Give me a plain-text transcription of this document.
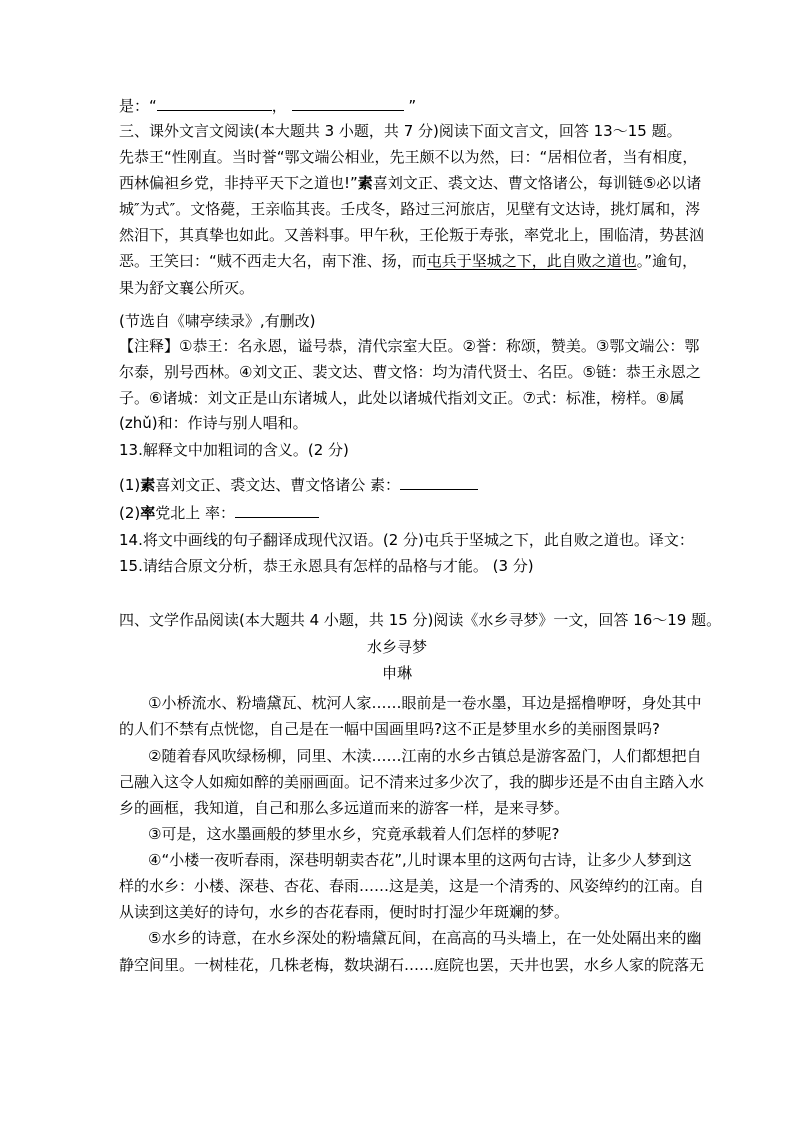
是：“	，	”
三、课外文言文阅读(本大题共 3 小题，共 7 分)阅读下面文言文，回答 13～15 题。
先恭王“性刚直。当时誉“鄂文端公相业，先王颇不以为然，曰：“居相位者，当有相度，
西林偏袒乡党，非持平天下之道也!”素喜刘文正、裘文达、曹文恪诸公，每训链⑤必以诸
城″为式″。文恪薨，王亲临其丧。壬戌冬，路过三河旅店，见壁有文达诗，挑灯属和，涔
然泪下，其真挚也如此。又善料事。甲午秋，王伦叛于寿张，率党北上，围临清，势甚汹
恶。王笑曰：“贼不西走大名，南下淮、扬，而屯兵于坚城之下，此自败之道也。”逾旬，
果为舒文襄公所灭。
(节选自《啸亭续录》,有删改)
【注释】①恭王：名永恩，谥号恭，清代宗室大臣。②誉：称颂，赞美。③鄂文端公：鄂
尔泰，别号西林。④刘文正、裴文达、曹文恪：均为清代贤士、名臣。⑤链：恭王永恩之
子。⑥诸城：刘文正是山东诸城人，此处以诸城代指刘文正。⑦式：标准，榜样。⑧属
(zhǔ)和：作诗与别人唱和。
13.解释文中加粗词的含义。(2 分)
(1)素喜刘文正、裘文达、曹文恪诸公 素：
(2)率党北上 率：
14.将文中画线的句子翻译成现代汉语。(2 分)屯兵于坚城之下，此自败之道也。译文：
15.请结合原文分析，恭王永恩具有怎样的品格与才能。 (3 分)
四、文学作品阅读(本大题共 4 小题，共 15 分)阅读《水乡寻梦》一文，回答 16～19 题。
水乡寻梦
申琳
①小桥流水、粉墙黛瓦、枕河人家……眼前是一卷水墨，耳边是摇橹咿呀，身处其中
的人们不禁有点恍惚，自己是在一幅中国画里吗?这不正是梦里水乡的美丽图景吗?
②随着春风吹绿杨柳，同里、木渎……江南的水乡古镇总是游客盈门，人们都想把自
己融入这令人如痴如醉的美丽画面。记不清来过多少次了，我的脚步还是不由自主踏入水
乡的画框，我知道，自己和那么多远道而来的游客一样，是来寻梦。
③可是，这水墨画般的梦里水乡，究竟承载着人们怎样的梦呢?
④“小楼一夜听春雨，深巷明朝卖杏花”,儿时课本里的这两句古诗，让多少人梦到这
样的水乡：小楼、深巷、杏花、春雨……这是美，这是一个清秀的、风姿绰约的江南。自
从读到这美好的诗句，水乡的杏花春雨，便时时打湿少年斑斓的梦。
⑤水乡的诗意，在水乡深处的粉墙黛瓦间，在高高的马头墙上，在一处处隔出来的幽
静空间里。一树桂花，几株老梅，数块湖石……庭院也罢，天井也罢，水乡人家的院落无
